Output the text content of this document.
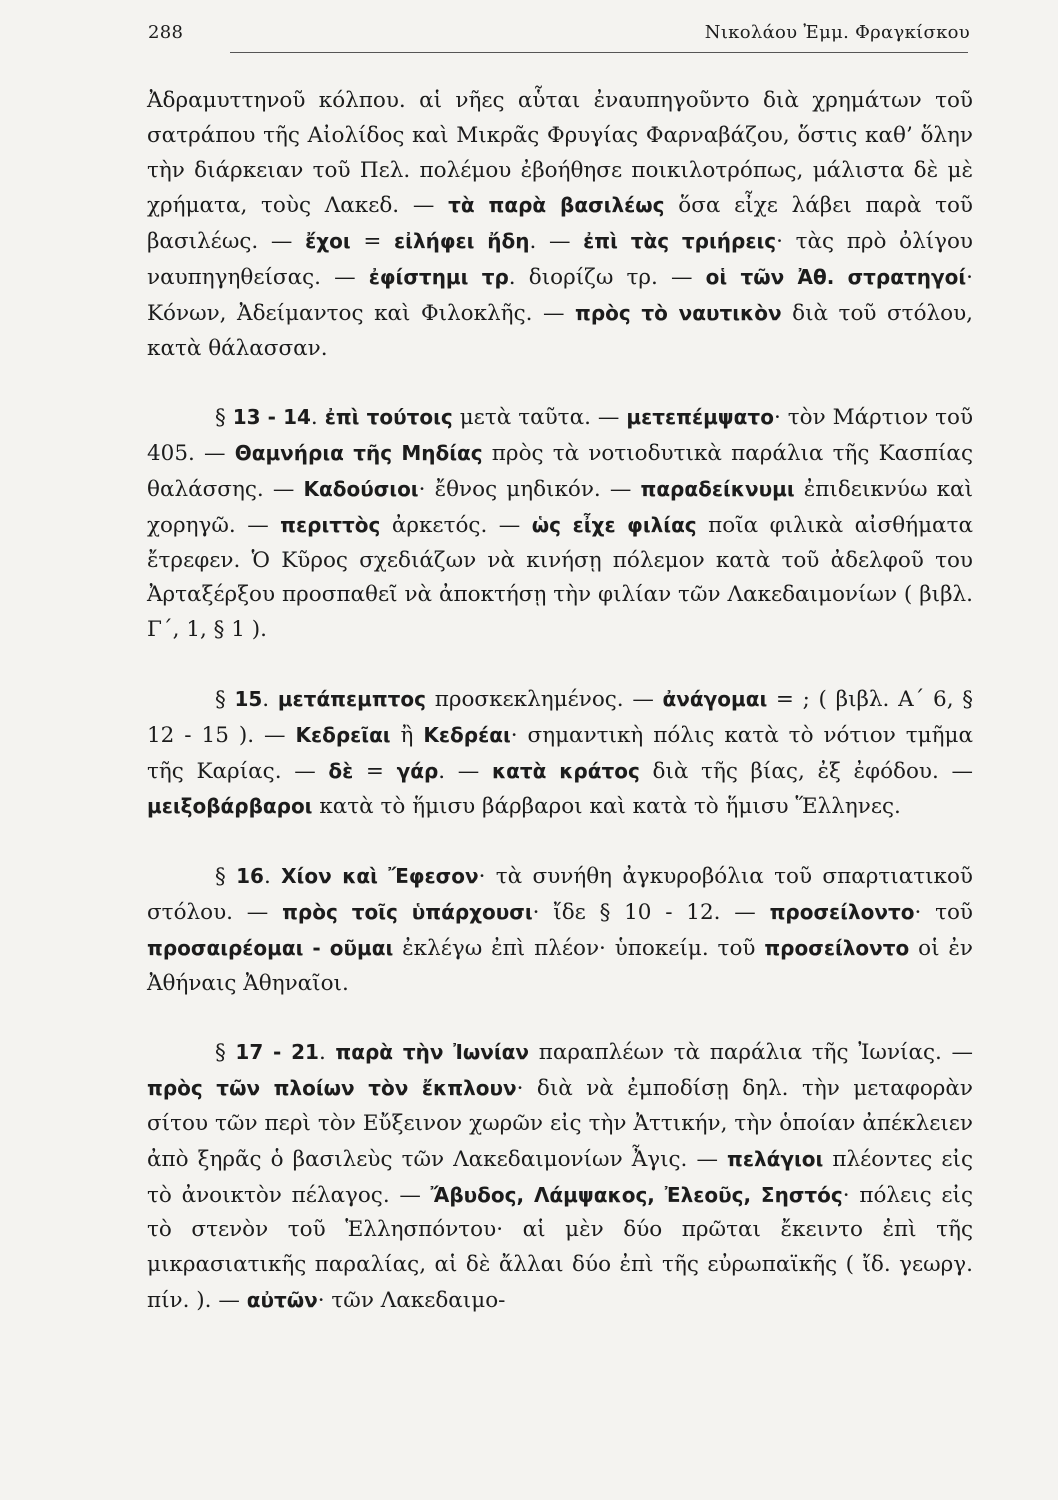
288	Νικολάου Ἐμμ. Φραγκίσκου

Ἀδραμυττηνοῦ κόλπου. αἱ νῆες αὗται ἐναυπηγοῦντο διὰ χρημάτων τοῦ σατράπου τῆς Αἰολίδος καὶ Μικρᾶς Φρυγίας Φαρναβάζου, ὅστις καθ’ ὅλην τὴν διάρκειαν τοῦ Πελ. πολέμου ἐβοήθησε ποικιλοτρόπως, μάλιστα δὲ μὲ χρήματα, τοὺς Λακεδ. — τὰ παρὰ βασιλέως ὅσα εἶχε λάβει παρὰ τοῦ βασιλέως. — ἔχοι = εἰλήφει ἤδη. — ἐπὶ τὰς τριήρεις· τὰς πρὸ ὀλίγου ναυπηγηθείσας. — ἐφίστημι τρ. διορίζω τρ. — οἱ τῶν Ἀθ. στρατηγοί· Κόνων, Ἀδείμαντος καὶ Φιλοκλῆς. — πρὸς τὸ ναυτικὸν διὰ τοῦ στόλου, κατὰ θάλασσαν.

§ 13 - 14. ἐπὶ τούτοις μετὰ ταῦτα. — μετεπέμψατο· τὸν Μάρτιον τοῦ 405. — Θαμνήρια τῆς Μηδίας πρὸς τὰ νοτιοδυτικὰ παράλια τῆς Κασπίας θαλάσσης. — Καδούσιοι· ἔθνος μηδικόν. — παραδείκνυμι ἐπιδεικνύω καὶ χορηγῶ. — περιττὸς ἀρκετός. — ὡς εἶχε φιλίας ποῖα φιλικὰ αἰσθήματα ἔτρεφεν. Ὁ Κῦρος σχεδιάζων νὰ κινήσῃ πόλεμον κατὰ τοῦ ἀδελφοῦ του Ἀρταξέρξου προσπαθεῖ νὰ ἀποκτήσῃ τὴν φιλίαν τῶν Λακεδαιμονίων ( βιβλ. Γ΄, 1, § 1 ).

§ 15. μετάπεμπτος προσκεκλημένος. — ἀνάγομαι = ; ( βιβλ. Α΄ 6, § 12 - 15 ). — Κεδρεῖαι ἢ Κεδρέαι· σημαντικὴ πόλις κατὰ τὸ νότιον τμῆμα τῆς Καρίας. — δὲ = γάρ. — κατὰ κράτος διὰ τῆς βίας, ἐξ ἐφόδου. — μειξοβάρβαροι κατὰ τὸ ἥμισυ βάρβαροι καὶ κατὰ τὸ ἥμισυ Ἕλληνες.

§ 16. Χίον καὶ Ἔφεσον· τὰ συνήθη ἀγκυροβόλια τοῦ σπαρτιατικοῦ στόλου. — πρὸς τοῖς ὑπάρχουσι· ἴδε § 10 - 12. — προσείλοντο· τοῦ προσαιρέομαι - οῦμαι ἐκλέγω ἐπὶ πλέον· ὑποκείμ. τοῦ προσείλοντο οἱ ἐν Ἀθήναις Ἀθηναῖοι.

§ 17 - 21. παρὰ τὴν Ἰωνίαν παραπλέων τὰ παράλια τῆς Ἰωνίας. — πρὸς τῶν πλοίων τὸν ἔκπλουν· διὰ νὰ ἐμποδίσῃ δηλ. τὴν μεταφορὰν σίτου τῶν περὶ τὸν Εὔξεινον χωρῶν εἰς τὴν Ἀττικήν, τὴν ὁποίαν ἀπέκλειεν ἀπὸ ξηρᾶς ὁ βασιλεὺς τῶν Λακεδαιμονίων Ἆγις. — πελάγιοι πλέοντες εἰς τὸ ἀνοικτὸν πέλαγος. — Ἄβυδος, Λάμψακος, Ἐλεοῦς, Σηστός· πόλεις εἰς τὸ στενὸν τοῦ Ἑλλησπόντου· αἱ μὲν δύο πρῶται ἔκειντο ἐπὶ τῆς μικρασιατικῆς παραλίας, αἱ δὲ ἄλλαι δύο ἐπὶ τῆς εὐρωπαϊκῆς ( ἴδ. γεωργ. πίν. ). — αὐτῶν· τῶν Λακεδαιμο-
